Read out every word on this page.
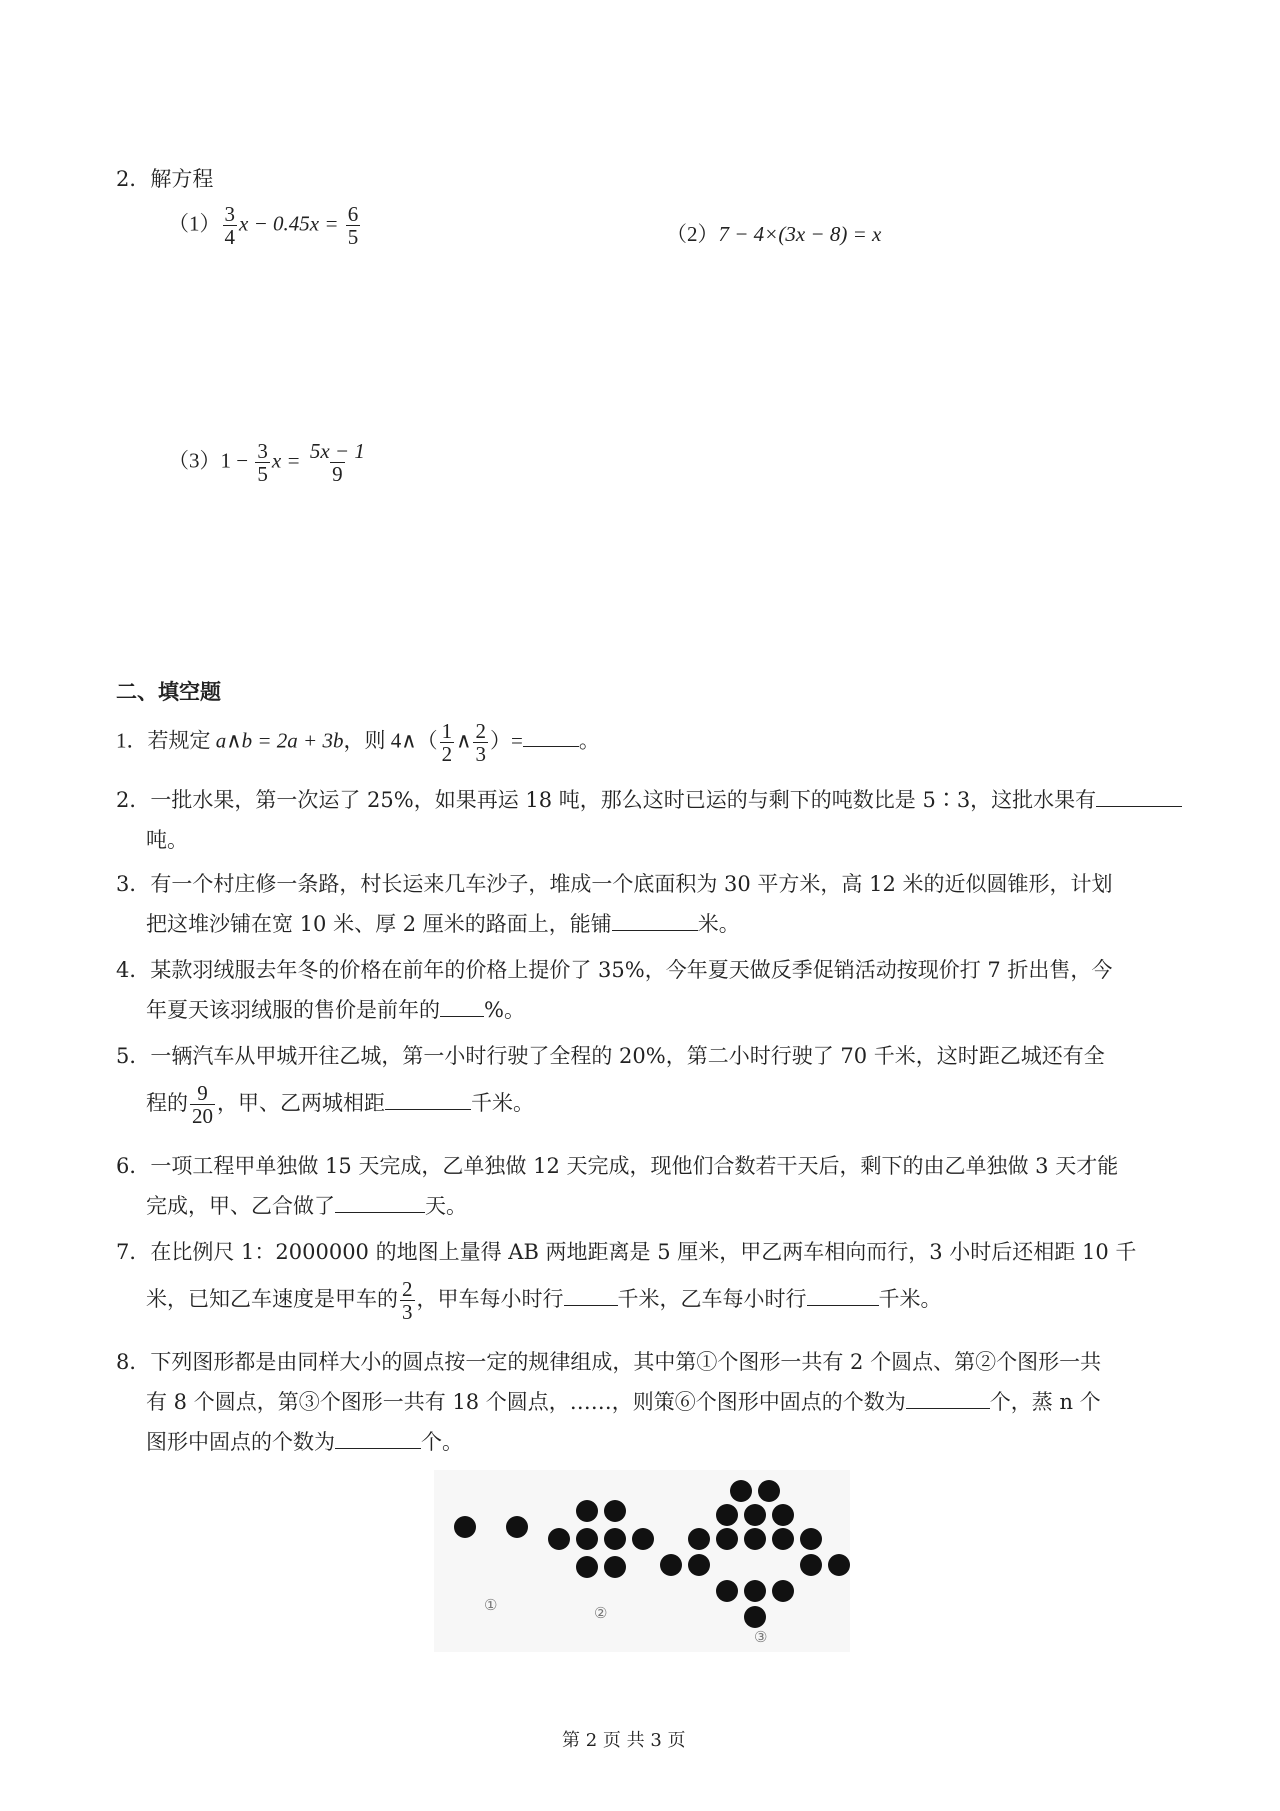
2．解方程
$(1) \frac{3}{4}$ $x - 0.45x = \frac{6}{5}$	（2）7 − 4×(3x − 8) = x
$(3)1 - \frac{3}{5}$ $x = \frac{5x - 1}{9}$
二、填空题
1．若规定 a∧b = 2a + 3b，则 4∧（ $\frac{1}{2}$ ∧ $\frac{2}{3}$ ）=	。
2．一批水果，第一次运了 25%，如果再运 18 吨，那么这时已运的与剩下的吨数比是 5∶3，这批水果有
吨。
3．有一个村庄修一条路，村长运来几车沙子，堆成一个底面积为 30 平方米，高 12 米的近似圆锥形，计划
把这堆沙铺在宽 10 米、厚 2 厘米的路面上，能铺	米。
4．某款羽绒服去年冬的价格在前年的价格上提价了 35%，今年夏天做反季促销活动按现价打 7 折出售，今
年夏天该羽绒服的售价是前年的 %。
5．一辆汽车从甲城开往乙城，第一小时行驶了全程的 20%，第二小时行驶了 70 千米，这时距乙城还有全
程的 $\frac{9}{20}$ ，甲、乙两城相距	千米。
6．一项工程甲单独做 15 天完成，乙单独做 12 天完成，现他们合数若干天后，剩下的由乙单独做 3 天才能
完成，甲、乙合做了	天。
7．在比例尺 1：2000000 的地图上量得 AB 两地距离是 5 厘米，甲乙两车相向而行，3 小时后还相距 10 千
米，已知乙车速度是甲车的 $\frac{2}{3}$ ，甲车每小时行	千米，乙车每小时行	千米。
8．下列图形都是由同样大小的圆点按一定的规律组成，其中第①个图形一共有 2 个圆点、第②个图形一共
有 8 个圆点，第③个图形一共有 18 个圆点，……，则策⑥个图形中固点的个数为	个，蒸 n 个
图形中固点的个数为	个。
①	②
③
第 2 页 共 3 页
